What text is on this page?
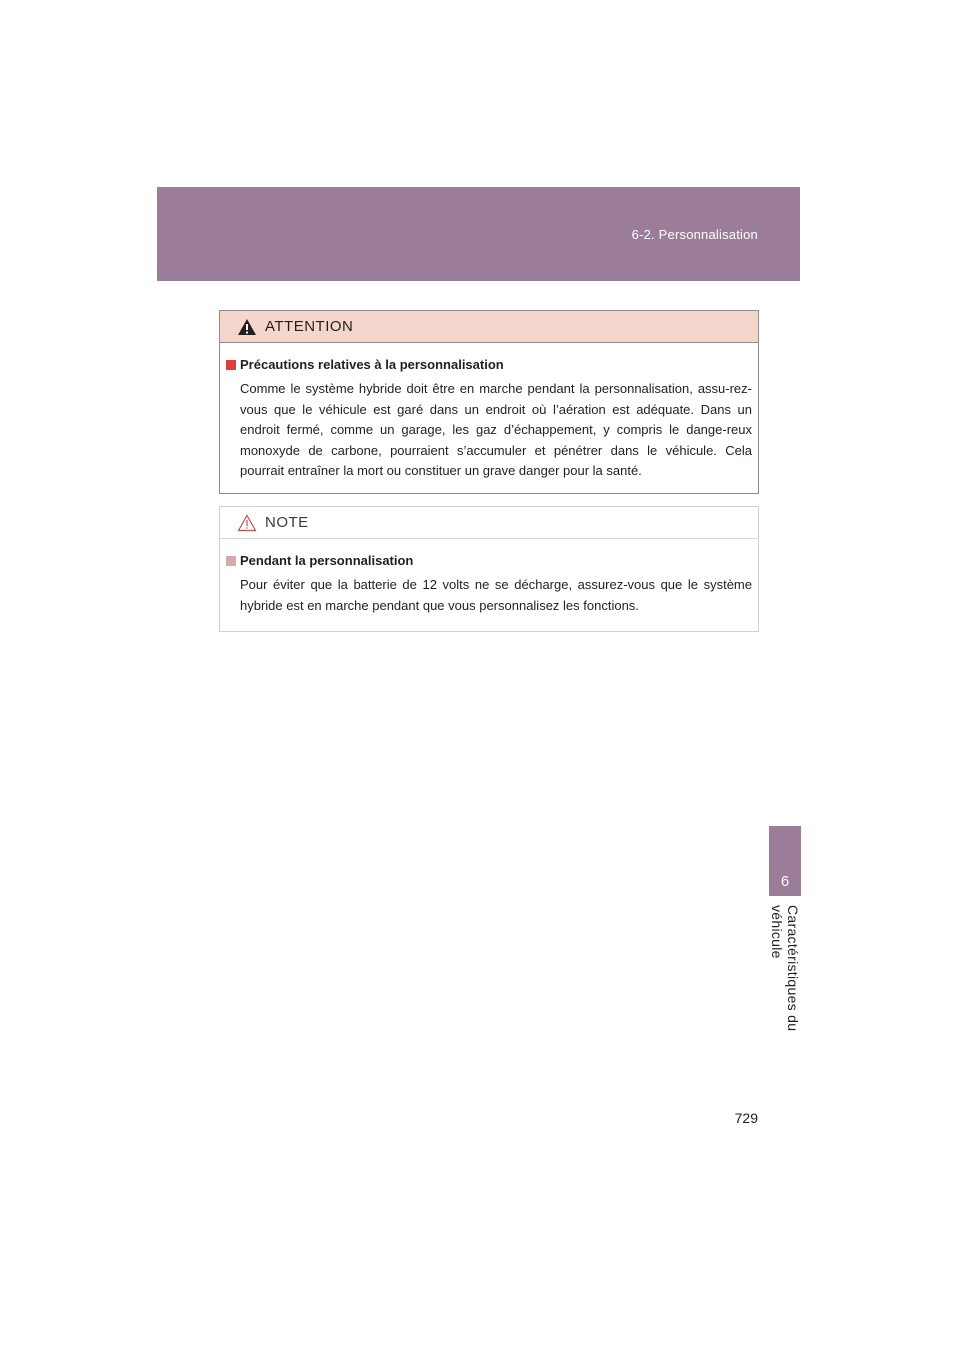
6-2. Personnalisation
6
Caractéristiques du véhicule
ATTENTION
Précautions relatives à la personnalisation

Comme le système hybride doit être en marche pendant la personnalisation, assu-rez-vous que le véhicule est garé dans un endroit où l’aération est adéquate. Dans un endroit fermé, comme un garage, les gaz d’échappement, y compris le dange-reux monoxyde de carbone, pourraient s’accumuler et pénétrer dans le véhicule. Cela pourrait entraîner la mort ou constituer un grave danger pour la santé.

NOTE
Pendant la personnalisation

Pour éviter que la batterie de 12 volts ne se décharge, assurez-vous que le système hybride est en marche pendant que vous personnalisez les fonctions.

729
